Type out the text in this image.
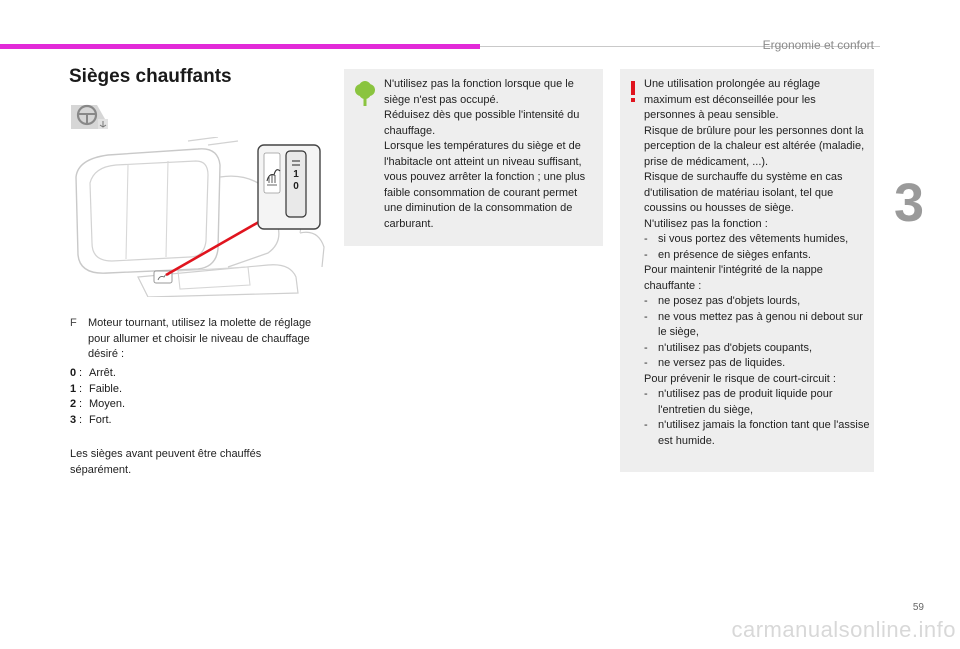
Ergonomie et confort
Sièges chauffants
1
0
F	Moteur tournant, utilisez la molette de réglage pour allumer et choisir le niveau de chauffage désiré :
0 : Arrêt.
1 : Faible.
2 : Moyen.
3 : Fort.
Les sièges avant peuvent être chauffés séparément.
N'utilisez pas la fonction lorsque que le siège n'est pas occupé.
Réduisez dès que possible l'intensité du chauffage.
Lorsque les températures du siège et de l'habitacle ont atteint un niveau suffisant, vous pouvez arrêter la fonction ; une plus faible consommation de courant permet une diminution de la consommation de carburant.
Une utilisation prolongée au réglage maximum est déconseillée pour les personnes à peau sensible.
Risque de brûlure pour les personnes dont la perception de la chaleur est altérée (maladie, prise de médicament, ...).
Risque de surchauffe du système en cas d'utilisation de matériau isolant, tel que coussins ou housses de siège.
N'utilisez pas la fonction :
- si vous portez des vêtements humides,
- en présence de sièges enfants.
Pour maintenir l'intégrité de la nappe chauffante :
- ne posez pas d'objets lourds,
- ne vous mettez pas à genou ni debout sur le siège,
- n'utilisez pas d'objets coupants,
- ne versez pas de liquides.
Pour prévenir le risque de court-circuit :
- n'utilisez pas de produit liquide pour l'entretien du siège,
- n'utilisez jamais la fonction tant que l'assise est humide.
3
59
carmanualsonline.info
